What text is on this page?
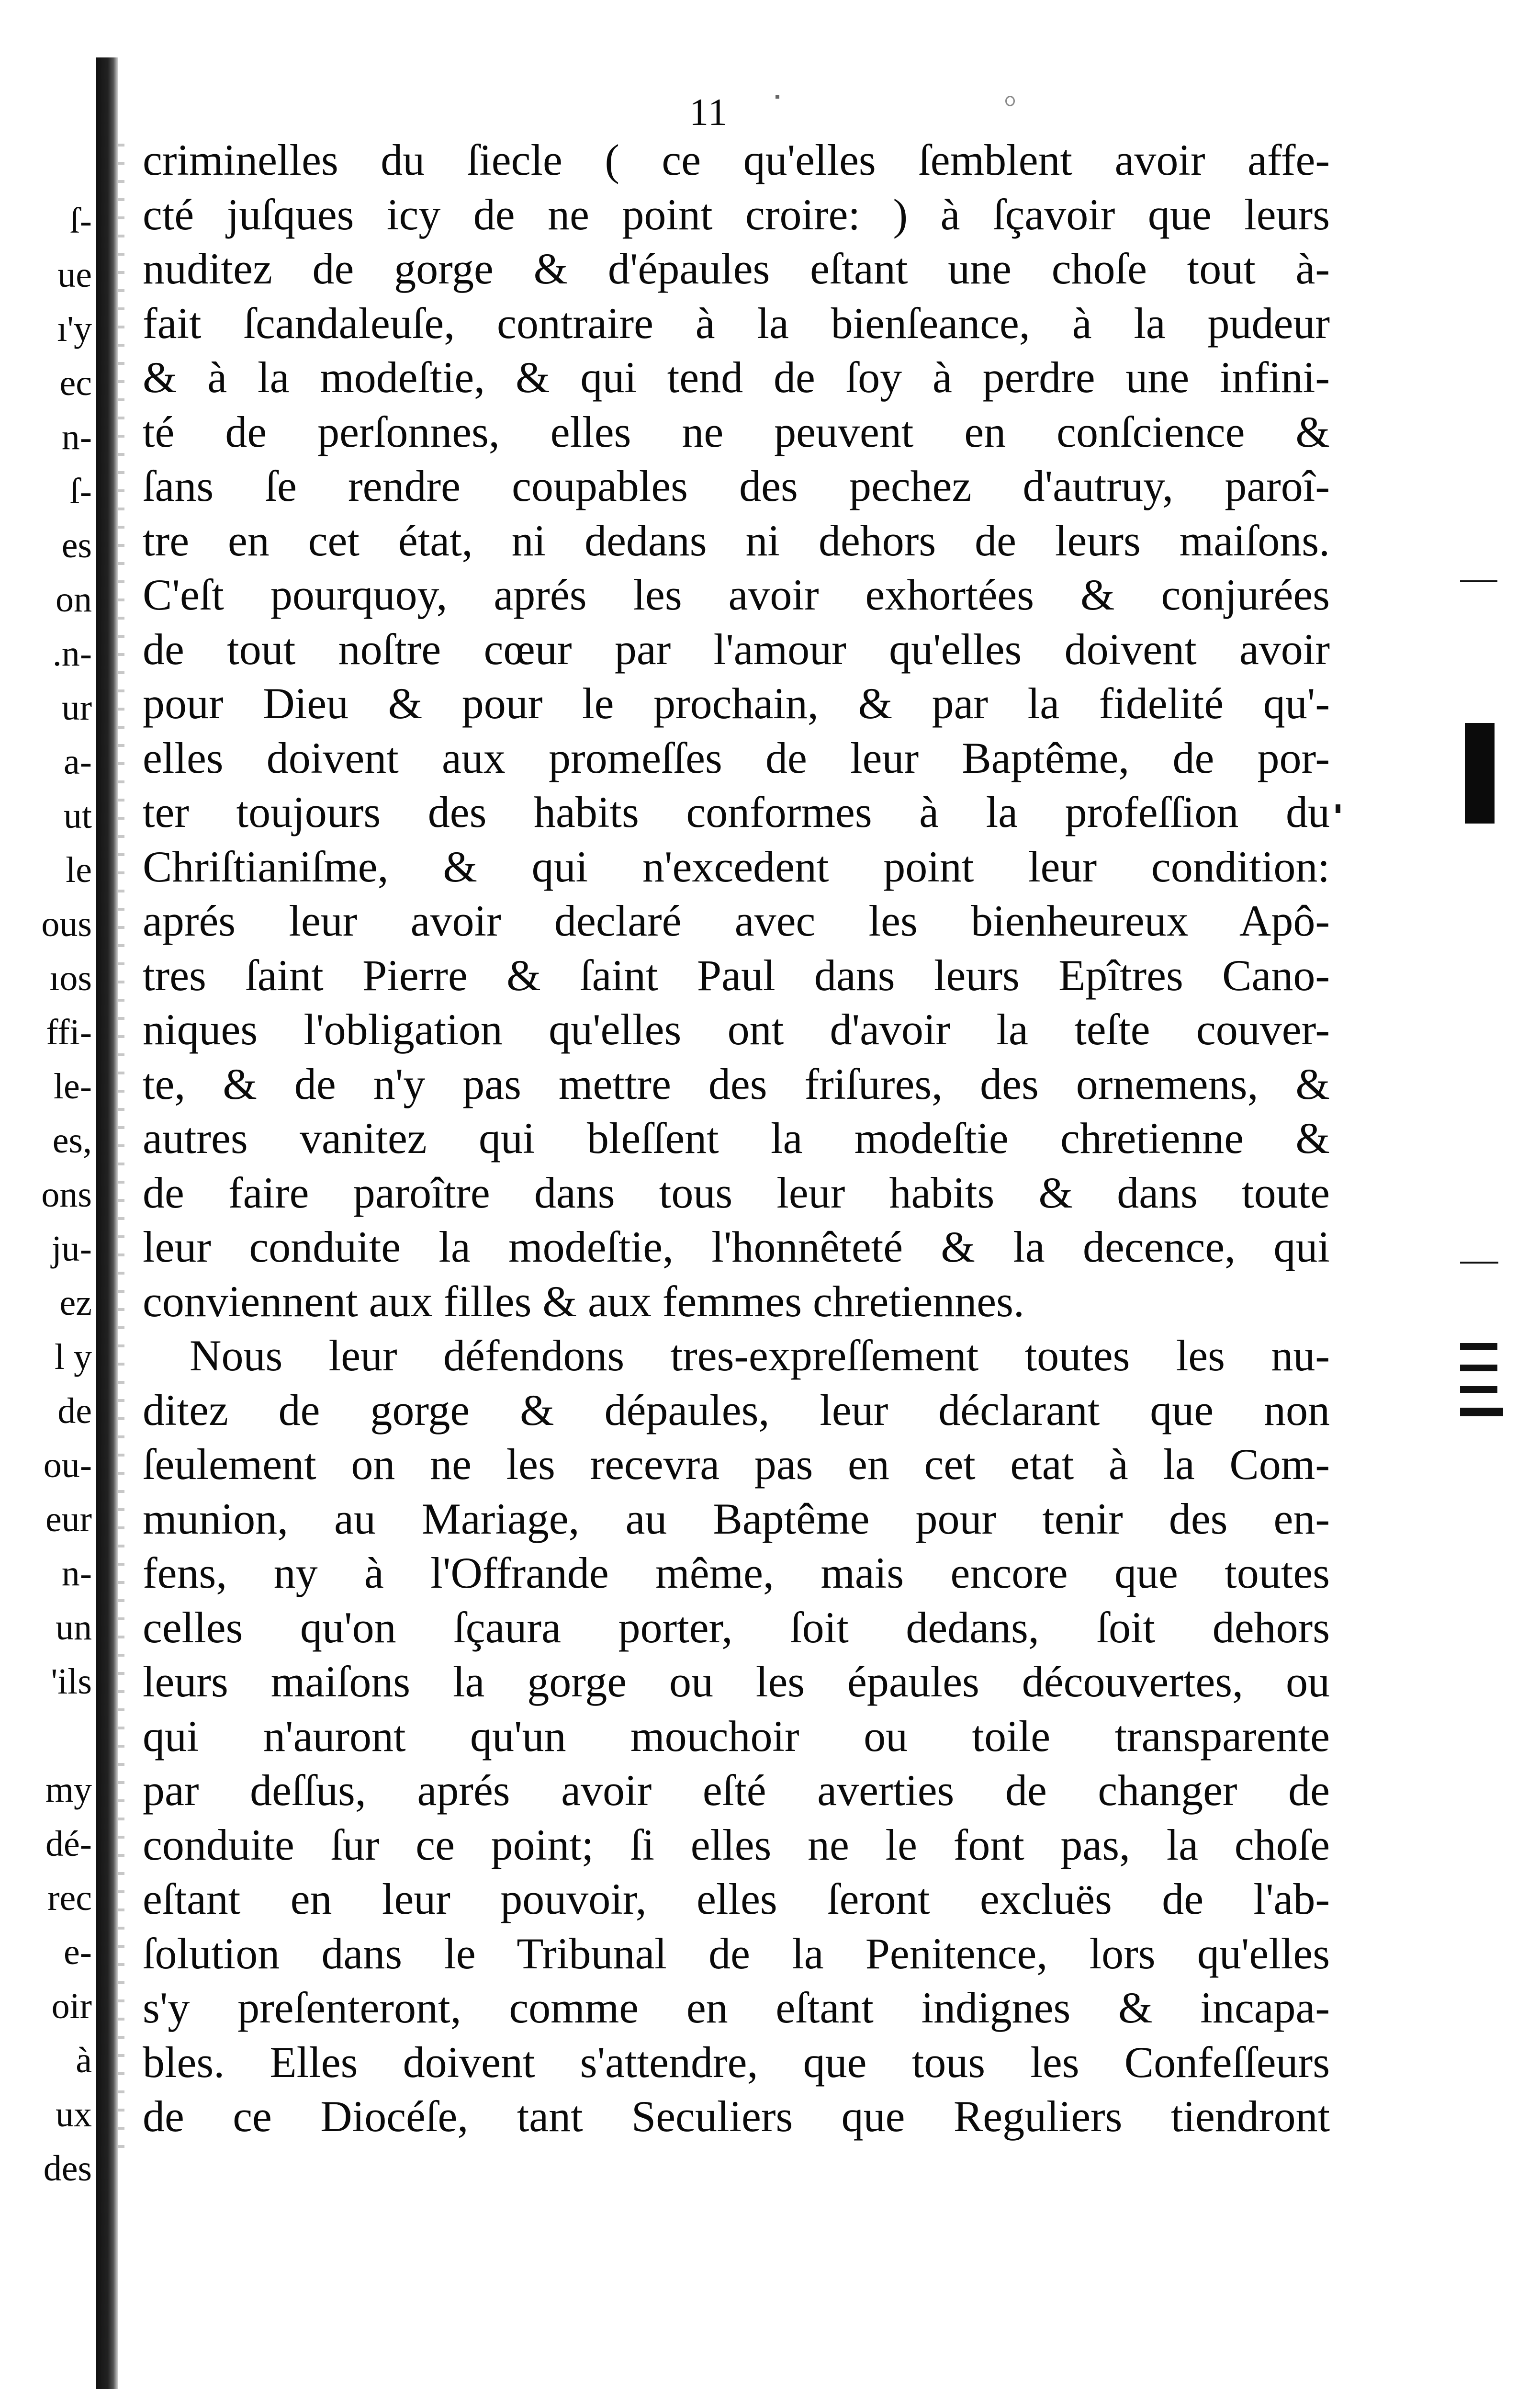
ſ-
ue
ı'y
ec
n-
ſ-
es
on
.n-
ur
a-
ut
le
ous
ıos
ffi-
le-
es,
ons
ju-
ez
l y
de
ou-
eur
n-
un
'ils
my
dé-
rec
e-
oir
à
ux
des
11
criminelles du ſiecle ( ce qu'elles ſemblent avoir affe-
cté juſques icy de ne point croire: ) à ſçavoir que leurs
nuditez de gorge & d'épaules eſtant une choſe tout à-
fait ſcandaleuſe, contraire à la bienſeance, à la pudeur
& à la modeſtie, & qui tend de ſoy à perdre une infini-
té de perſonnes, elles ne peuvent en conſcience &
ſans ſe rendre coupables des pechez d'autruy, paroî-
tre en cet état, ni dedans ni dehors de leurs maiſons.
C'eſt pourquoy, aprés les avoir exhortées & conjurées
de tout noſtre cœur par l'amour qu'elles doivent avoir
pour Dieu & pour le prochain, & par la fidelité qu'-
elles doivent aux promeſſes de leur Baptême, de por-
ter toujours des habits conformes à la profeſſion du
Chriſtianiſme, & qui n'excedent point leur condition:
aprés leur avoir declaré avec les bienheureux Apô-
tres ſaint Pierre & ſaint Paul dans leurs Epîtres Cano-
niques l'obligation qu'elles ont d'avoir la teſte couver-
te, & de n'y pas mettre des friſures, des ornemens, &
autres vanitez qui bleſſent la modeſtie chretienne &
de faire paroître dans tous leur habits & dans toute
leur conduite la modeſtie, l'honnêteté & la decence, qui
conviennent aux filles & aux femmes chretiennes.
Nous leur défendons tres-expreſſement toutes les nu-
ditez de gorge & dépaules, leur déclarant que non
ſeulement on ne les recevra pas en cet etat à la Com-
munion, au Mariage, au Baptême pour tenir des en-
fens, ny à l'Offrande même, mais encore que toutes
celles qu'on ſçaura porter, ſoit dedans, ſoit dehors
leurs maiſons la gorge ou les épaules découvertes, ou
qui n'auront qu'un mouchoir ou toile transparente
par deſſus, aprés avoir eſté averties de changer de
conduite ſur ce point; ſi elles ne le font pas, la choſe
eſtant en leur pouvoir, elles ſeront excluës de l'ab-
ſolution dans le Tribunal de la Penitence, lors qu'elles
s'y preſenteront, comme en eſtant indignes & incapa-
bles. Elles doivent s'attendre, que tous les Confeſſeurs
de ce Diocéſe, tant Seculiers que Reguliers tiendront
